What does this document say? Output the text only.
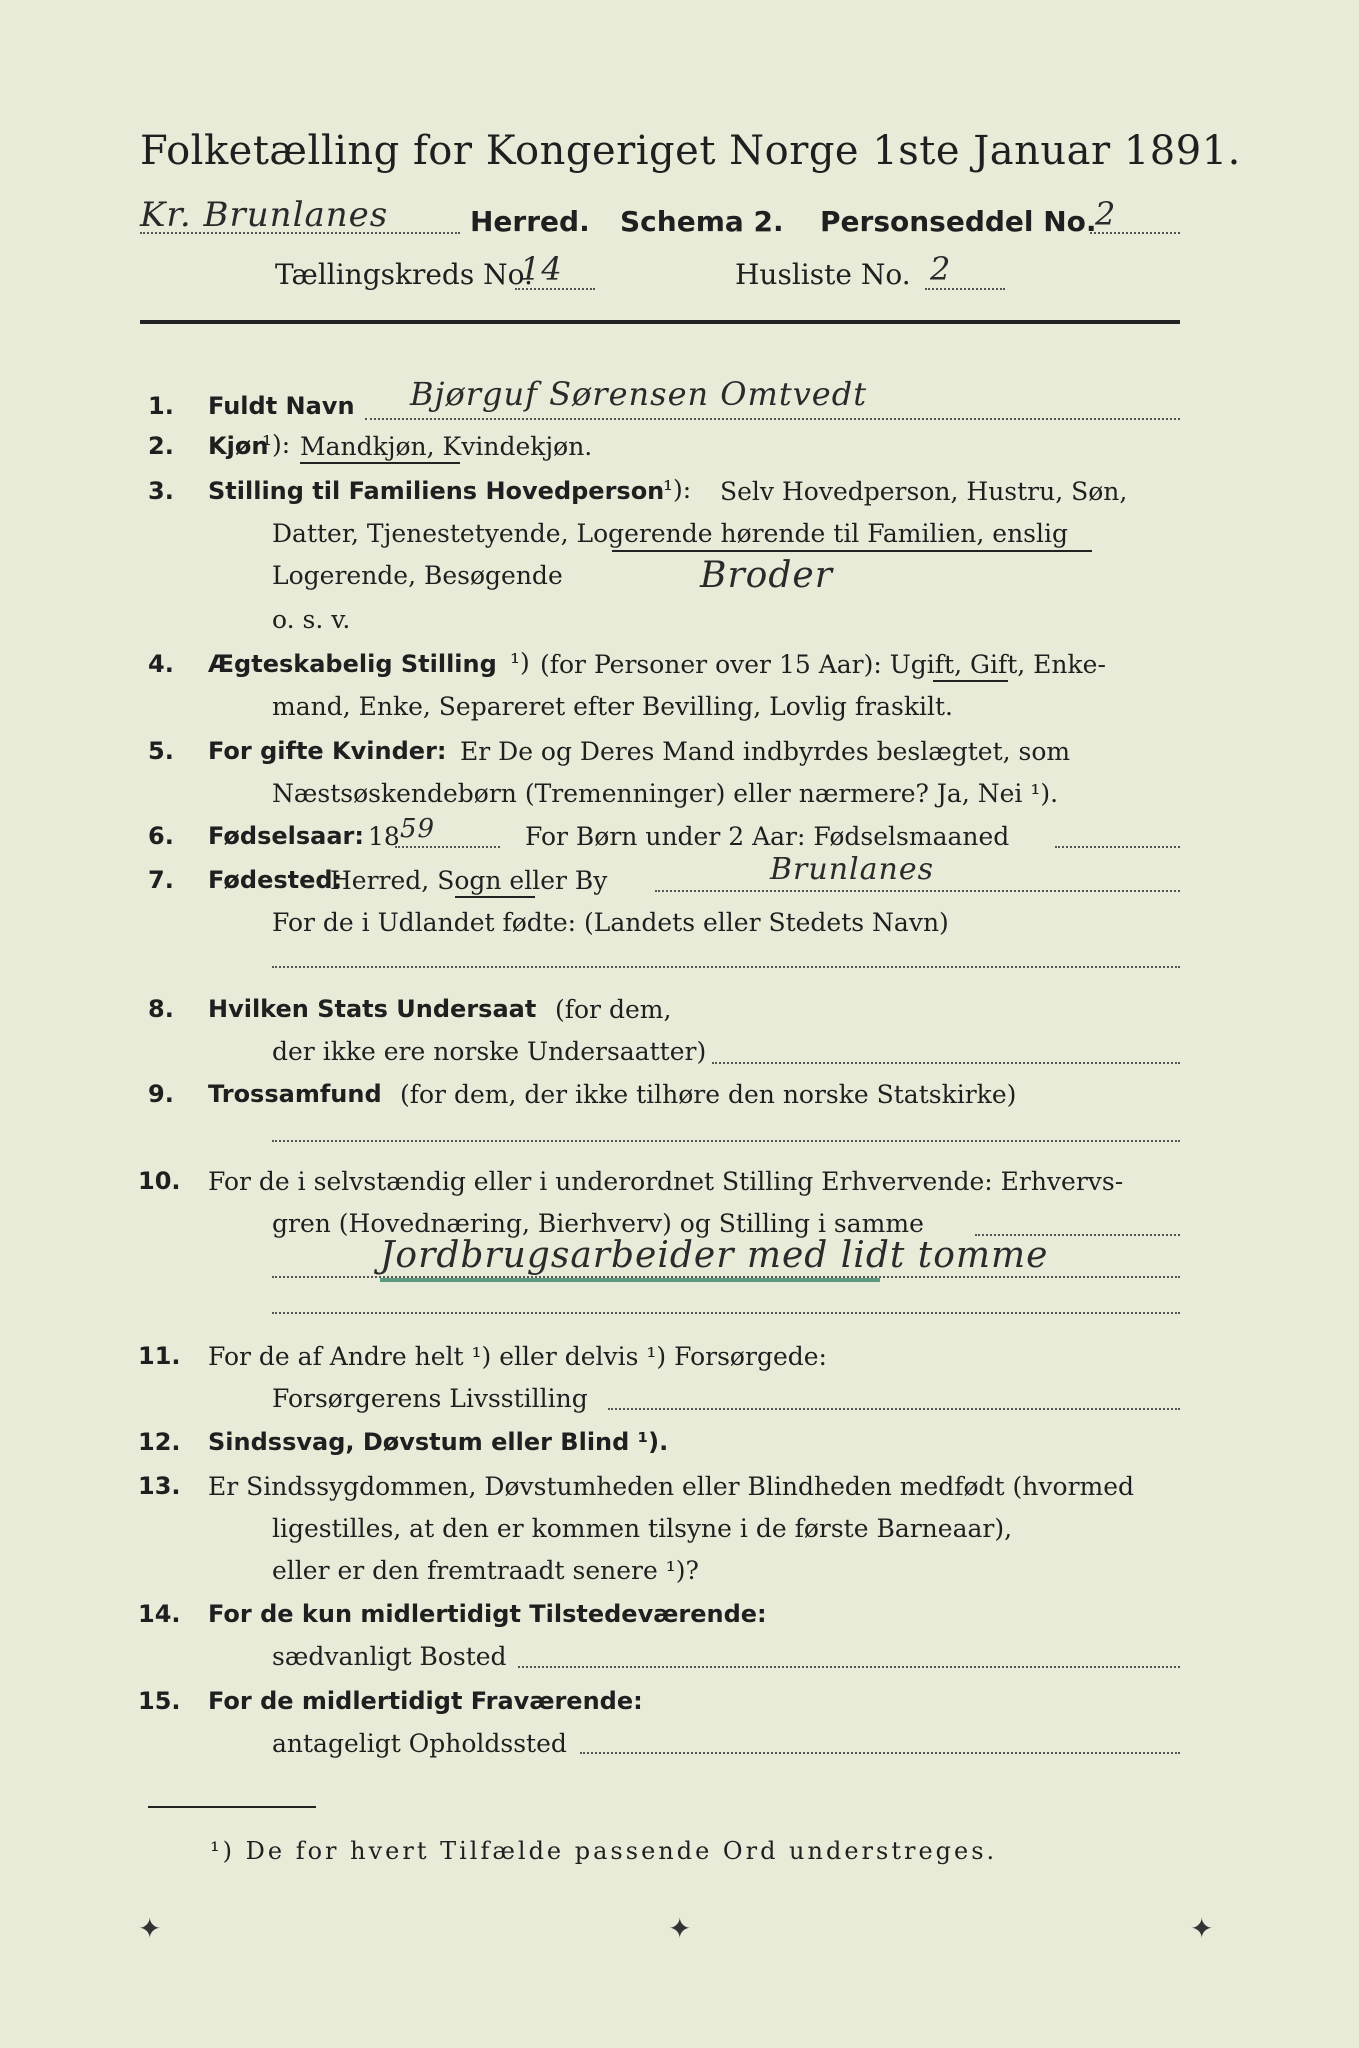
Folketælling for Kongeriget Norge 1ste Januar 1891.
Kr. Brunlanes	Herred. Schema 2. Personseddel No.
2
Tællingskreds No.
14	Husliste No. 2
1. Fuldt Navn Bjørguf Sørensen Omtvedt
2. Kjøn
¹): Mandkjøn, Kvindekjøn.
3. Stilling til Familiens Hovedperson
¹): Selv Hovedperson, Hustru, Søn,
Datter, Tjenestetyende, Logerende hørende til Familien, enslig
Logerende, Besøgende	Broder
o. s. v.
4. Ægteskabelig Stilling ¹) (for Personer over 15 Aar): Ugift, Gift, Enke-
mand, Enke, Separeret efter Bevilling, Lovlig fraskilt.
5. For gifte Kvinder: Er De og Deres Mand indbyrdes beslægtet, som
Næstsøskendebørn (Tremenninger) eller nærmere? Ja, Nei ¹).
6. Fødselsaar: 18 59	For Børn under 2 Aar: Fødselsmaaned
7. Fødested:
Herred, Sogn eller By	Brunlanes
For de i Udlandet fødte: (Landets eller Stedets Navn)
8. Hvilken Stats Undersaat (for dem,
der ikke ere norske Undersaatter)
9. Trossamfund (for dem, der ikke tilhøre den norske Statskirke)
10. For de i selvstændig eller i underordnet Stilling Erhvervende: Erhvervs-
gren (Hovednæring, Bierhverv) og Stilling i samme
Jordbrugsarbeider med lidt tomme
11. For de af Andre helt ¹) eller delvis ¹) Forsørgede:
Forsørgerens Livsstilling
12. Sindssvag, Døvstum eller Blind ¹).
13. Er Sindssygdommen, Døvstumheden eller Blindheden medfødt (hvormed
ligestilles, at den er kommen tilsyne i de første Barneaar),
eller er den fremtraadt senere ¹)?
14. For de kun midlertidigt Tilstedeværende:
sædvanligt Bosted
15. For de midlertidigt Fraværende:
antageligt Opholdssted
¹) De for hvert Tilfælde passende Ord understreges.
✦	✦	✦
